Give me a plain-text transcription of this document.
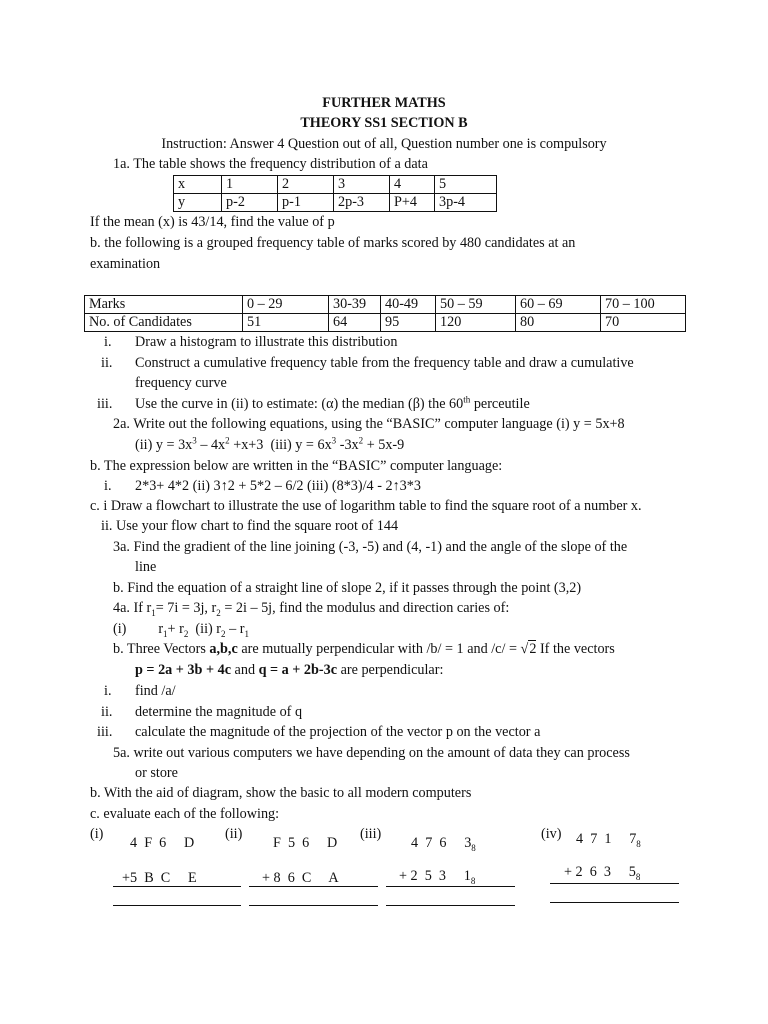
FURTHER MATHS
THEORY SS1 SECTION B
Instruction: Answer 4 Question out of all, Question number one is compulsory
1a. The table shows the frequency distribution of a data
x	1	2	3	4	5
y	p-2	p-1	2p-3	P+4	3p-4
If the mean (x) is 43/14, find the value of p
b. the following is a grouped frequency table of marks scored by 480 candidates at an
examination
Marks	0 – 29	30-39	40-49	50 – 59	60 – 69	70 – 100
No. of Candidates	51	64	95	120	80	70
i. Draw a histogram to illustrate this distribution
ii. Construct a cumulative frequency table from the frequency table and draw a cumulative
frequency curve
iii. Use the curve in (ii) to estimate: (α) the median (β) the 60th perceutile
2a. Write out the following equations, using the “BASIC” computer language (i) y = 5x+8
(ii) $y = 3x^3 - 4x^2 +x+3$  (iii) $y = 6x^3$ $-3x^2 + 5x-9$
b. The expression below are written in the “BASIC” computer language:
i. 2*3+ 4*2 (ii) 3↑2 + 5*2 – 6/2 (iii) (8*3)/4 - 2↑3*3
c. i Draw a flowchart to illustrate the use of logarithm table to find the square root of a number x.
ii. Use your flow chart to find the square root of 144
3a. Find the gradient of the line joining (-3, -5) and (4, -1) and the angle of the slope of the
line
b. Find the equation of a straight line of slope 2, if it passes through the point (3,2)
4a. If $r_1= 7i = 3j$, $r_2 = 2i - 5j$, find the modulus and direction caries of:
(i)         $r_1+ r_2$  (ii) $r_2 - r_1$
b. Three Vectors a,b,c are mutually perpendicular with /b/ = 1 and /c/ = √2 If the vectors
p = 2a + 3b + 4c and q = a + 2b-3c are perpendicular:
i. find /a/
ii. determine the magnitude of q
iii. calculate the magnitude of the projection of the vector p on the vector a
5a. write out various computers we have depending on the amount of data they can process
or store
b. With the aid of diagram, show the basic to all modern computers
c. evaluate each of the following:
(i)
4  F  6     D
+5  B  C     E
(ii)
F  5  6     D
+ 8  6  C     A
(iii)
4  7  6     $3_8$
+ 2  5  3     $1_8$
(iv) 4  7  1     $7_8$
+ 2  6  3     $5_8$
